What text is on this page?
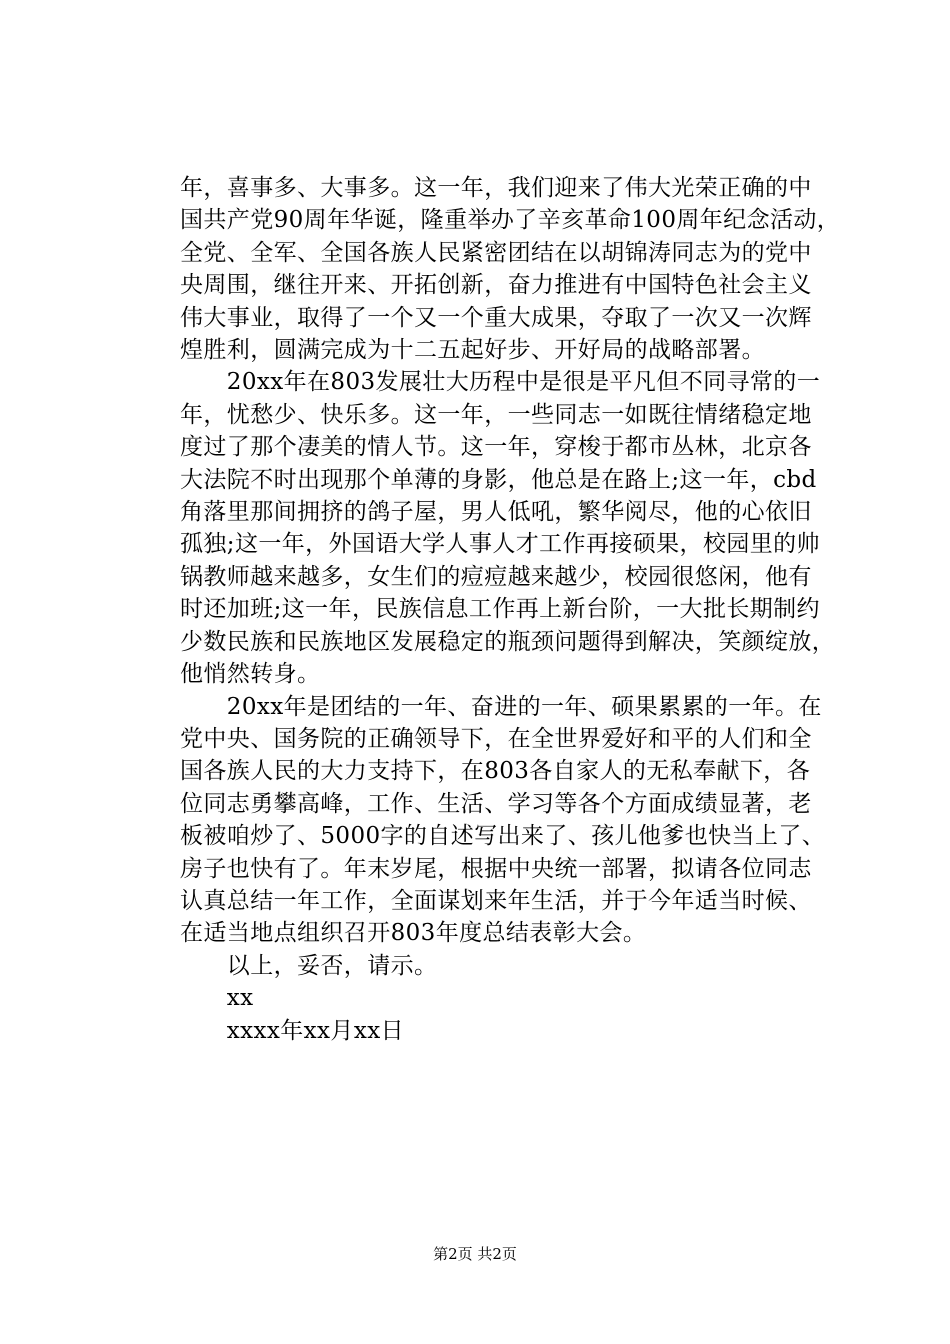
年，喜事多、大事多。这一年，我们迎来了伟大光荣正确的中
国共产党90周年华诞，隆重举办了辛亥革命100周年纪念活动，
全党、全军、全国各族人民紧密团结在以胡锦涛同志为的党中
央周围，继往开来、开拓创新，奋力推进有中国特色社会主义
伟大事业，取得了一个又一个重大成果，夺取了一次又一次辉
煌胜利，圆满完成为十二五起好步、开好局的战略部署。
　　20xx年在803发展壮大历程中是很是平凡但不同寻常的一
年，忧愁少、快乐多。这一年，一些同志一如既往情绪稳定地
度过了那个凄美的情人节。这一年，穿梭于都市丛林，北京各
大法院不时出现那个单薄的身影，他总是在路上;这一年，cbd
角落里那间拥挤的鸽子屋，男人低吼，繁华阅尽，他的心依旧
孤独;这一年，外国语大学人事人才工作再接硕果，校园里的帅
锅教师越来越多，女生们的痘痘越来越少，校园很悠闲，他有
时还加班;这一年，民族信息工作再上新台阶，一大批长期制约
少数民族和民族地区发展稳定的瓶颈问题得到解决，笑颜绽放，
他悄然转身。
　　20xx年是团结的一年、奋进的一年、硕果累累的一年。在
党中央、国务院的正确领导下，在全世界爱好和平的人们和全
国各族人民的大力支持下，在803各自家人的无私奉献下，各
位同志勇攀高峰，工作、生活、学习等各个方面成绩显著，老
板被咱炒了、5000字的自述写出来了、孩儿他爹也快当上了、
房子也快有了。年末岁尾，根据中央统一部署，拟请各位同志
认真总结一年工作，全面谋划来年生活，并于今年适当时候、
在适当地点组织召开803年度总结表彰大会。
　　以上，妥否，请示。
　　xx
　　xxxx年xx月xx日
第2页 共2页
